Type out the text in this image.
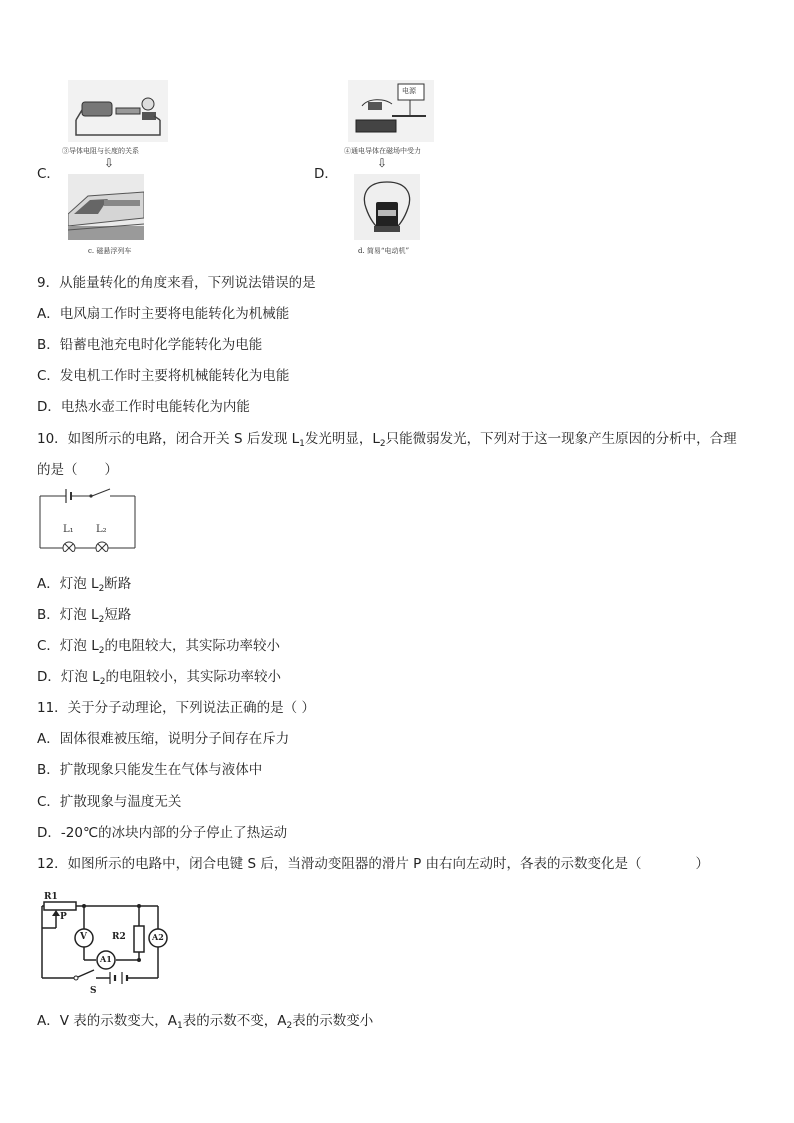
③导体电阻与长度的关系
⇩
c. 磁悬浮列车
C．	D．
电源
④通电导体在磁场中受力
⇩
d. 简易“电动机”
9．从能量转化的角度来看，下列说法错误的是
A．电风扇工作时主要将电能转化为机械能
B．铅蓄电池充电时化学能转化为电能
C．发电机工作时主要将机械能转化为电能
D．电热水壶工作时电能转化为内能
10．如图所示的电路，闭合开关 S 后发现 $L_1$发光明显，$L_2$只能微弱发光，下列对于这一现象产生原因的分析中，合理
的是（　　）
L₁ L₂
A．灯泡 $L_2$断路
B．灯泡 $L_2$短路
C．灯泡 $L_2$的电阻较大，其实际功率较小
D．灯泡 $L_2$的电阻较小，其实际功率较小
11．关于分子动理论，下列说法正确的是（ ）
A．固体很难被压缩，说明分子间存在斥力
B．扩散现象只能发生在气体与液体中
C．扩散现象与温度无关
D．-20℃的冰块内部的分子停止了热运动
12．如图所示的电路中，闭合电键 S 后，当滑动变阻器的滑片 P 由右向左动时，各表的示数变化是（　　　　）
R1
P
R2
V
A1
A2
S
A．V 表的示数变大，$A_1$表的示数不变，$A_2$表的示数变小
